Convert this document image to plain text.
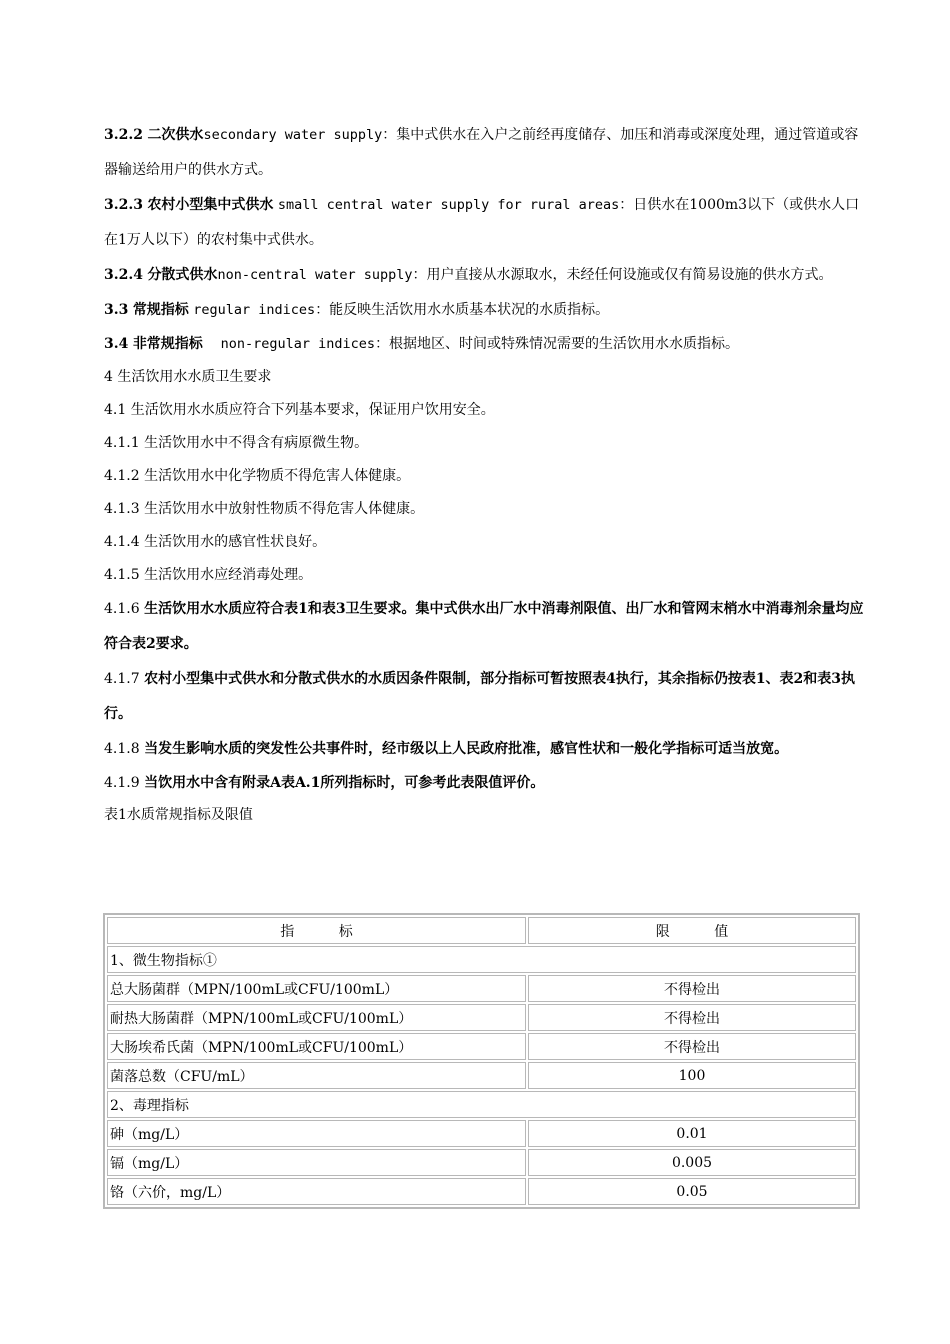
3.2.2 二次供水secondary water supply：集中式供水在入户之前经再度储存、加压和消毒或深度处理，通过管道或容器输送给用户的供水方式。

3.2.3 农村小型集中式供水 small central water supply for rural areas：日供水在1000m3以下（或供水人口在1万人以下）的农村集中式供水。

3.2.4 分散式供水non-central water supply：用户直接从水源取水，未经任何设施或仅有简易设施的供水方式。

3.3 常规指标 regular indices：能反映生活饮用水水质基本状况的水质指标。

3.4 非常规指标 non-regular indices：根据地区、时间或特殊情况需要的生活饮用水水质指标。

4 生活饮用水水质卫生要求

4.1 生活饮用水水质应符合下列基本要求，保证用户饮用安全。

4.1.1 生活饮用水中不得含有病原微生物。

4.1.2 生活饮用水中化学物质不得危害人体健康。

4.1.3 生活饮用水中放射性物质不得危害人体健康。

4.1.4 生活饮用水的感官性状良好。

4.1.5 生活饮用水应经消毒处理。

4.1.6 生活饮用水水质应符合表1和表3卫生要求。集中式供水出厂水中消毒剂限值、出厂水和管网末梢水中消毒剂余量均应符合表2要求。

4.1.7 农村小型集中式供水和分散式供水的水质因条件限制，部分指标可暂按照表4执行，其余指标仍按表1、表2和表3执行。

4.1.8 当发生影响水质的突发性公共事件时，经市级以上人民政府批准，感官性状和一般化学指标可适当放宽。

4.1.9 当饮用水中含有附录A表A.1所列指标时，可参考此表限值评价。

表1水质常规指标及限值

指          标	限          值
1、微生物指标①	
总大肠菌群（MPN/100mL或CFU/100mL）	不得检出
耐热大肠菌群（MPN/100mL或CFU/100mL）	不得检出
大肠埃希氏菌（MPN/100mL或CFU/100mL）	不得检出
菌落总数（CFU/mL）	100
2、毒理指标	
砷（mg/L）	0.01
镉（mg/L）	0.005
铬（六价，mg/L）	0.05
